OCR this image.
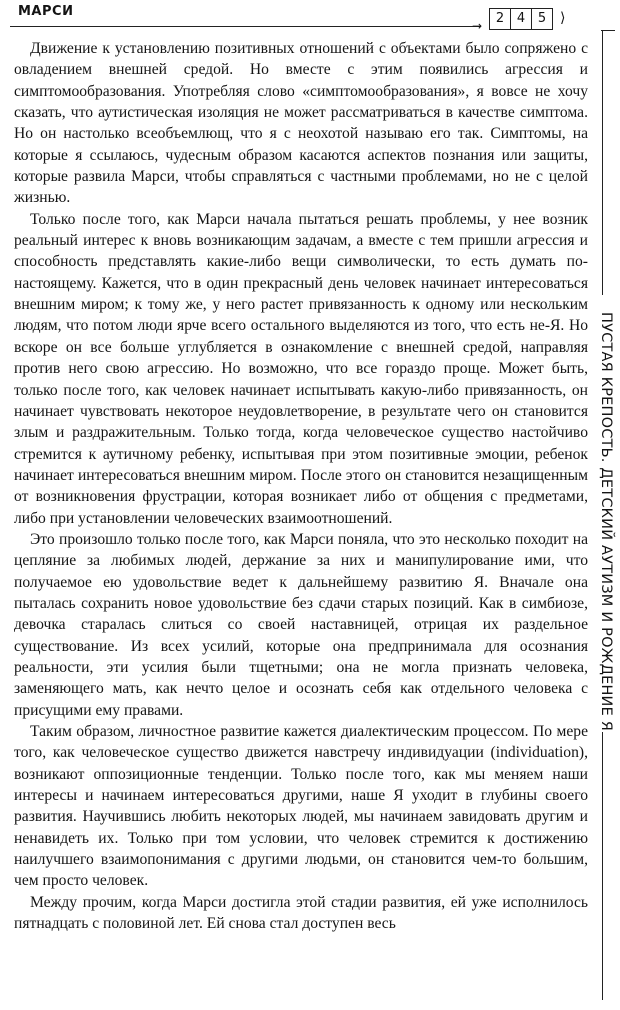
МАРСИ
→	2 4 5 ⟩
ПУСТАЯ КРЕПОСТЬ. ДЕТСКИЙ АУТИЗМ И РОЖДЕНИЕ Я

Движение к установлению позитивных отношений с объектами было сопряжено с овладением внешней средой. Но вместе с этим появились агрессия и симптомообразования. Употребляя слово «симптомообразования», я вовсе не хочу сказать, что аутистическая изоляция не может рассматриваться в качестве симптома. Но он настолько всеобъемлющ, что я с неохотой называю его так. Симптомы, на которые я ссылаюсь, чудесным образом касаются аспектов познания или защиты, которые развила Марси, чтобы справляться с частными проблемами, но не с целой жизнью.

Только после того, как Марси начала пытаться решать проблемы, у нее возник реальный интерес к вновь возникающим задачам, а вместе с тем пришли агрессия и способность представлять какие-либо вещи символически, то есть думать по-настоящему. Кажется, что в один прекрасный день человек начинает интересоваться внешним миром; к тому же, у него растет привязанность к одному или нескольким людям, что потом люди ярче всего остального выделяются из того, что есть не-Я. Но вскоре он все больше углубляется в ознакомление с внешней средой, направляя против него свою агрессию. Но возможно, что все гораздо проще. Может быть, только после того, как человек начинает испытывать какую-либо привязанность, он начинает чувствовать некоторое неудовлетворение, в результате чего он становится злым и раздражительным. Только тогда, когда человеческое существо настойчиво стремится к аутичному ребенку, испытывая при этом позитивные эмоции, ребенок начинает интересоваться внешним миром. После этого он становится незащищенным от возникновения фрустрации, которая возникает либо от общения с предметами, либо при установлении человеческих взаимоотношений.

Это произошло только после того, как Марси поняла, что это несколько походит на цепляние за любимых людей, держание за них и манипулирование ими, что получаемое ею удовольствие ведет к дальнейшему развитию Я. Вначале она пыталась сохранить новое удовольствие без сдачи старых позиций. Как в симбиозе, девочка старалась слиться со своей наставницей, отрицая их раздельное существование. Из всех усилий, которые она предпринимала для осознания реальности, эти усилия были тщетными; она не могла признать человека, заменяющего мать, как нечто целое и осознать себя как отдельного человека с присущими ему правами.

Таким образом, личностное развитие кажется диалектическим процессом. По мере того, как человеческое существо движется навстречу индивидуации (individuation), возникают оппозиционные тенденции. Только после того, как мы меняем наши интересы и начинаем интересоваться другими, наше Я уходит в глубины своего развития. Научившись любить некоторых людей, мы начинаем завидовать другим и ненавидеть их. Только при том условии, что человек стремится к достижению наилучшего взаимопонимания с другими людьми, он становится чем-то большим, чем просто человек.

Между прочим, когда Марси достигла этой стадии развития, ей уже исполнилось пятнадцать с половиной лет. Ей снова стал доступен весь
